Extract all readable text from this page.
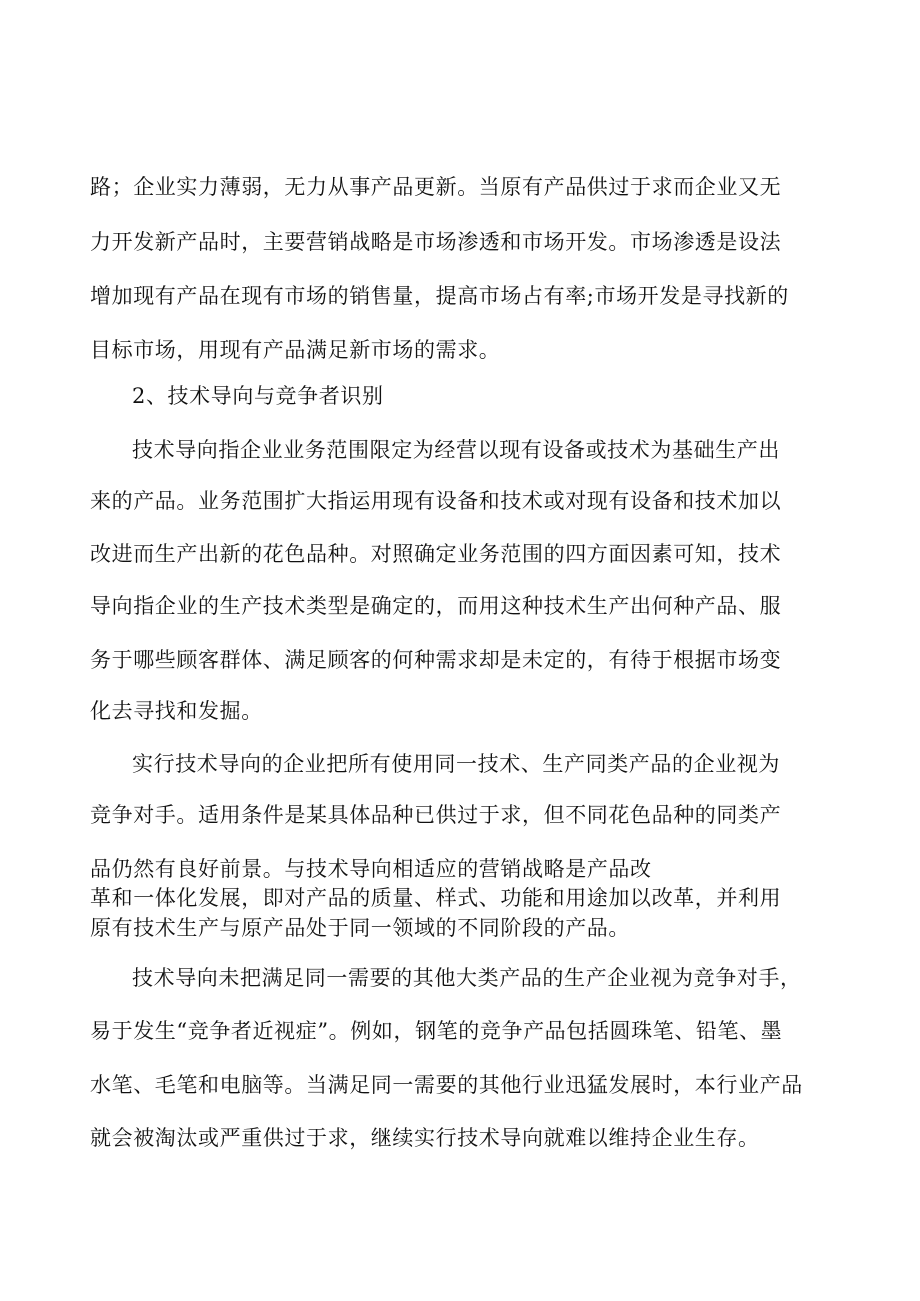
路；企业实力薄弱，无力从事产品更新。当原有产品供过于求而企业又无
力开发新产品时，主要营销战略是市场渗透和市场开发。市场渗透是设法
增加现有产品在现有市场的销售量，提高市场占有率;市场开发是寻找新的
目标市场，用现有产品满足新市场的需求。
2、技术导向与竞争者识别
技术导向指企业业务范围限定为经营以现有设备或技术为基础生产出
来的产品。业务范围扩大指运用现有设备和技术或对现有设备和技术加以
改进而生产出新的花色品种。对照确定业务范围的四方面因素可知，技术
导向指企业的生产技术类型是确定的，而用这种技术生产出何种产品、服
务于哪些顾客群体、满足顾客的何种需求却是未定的，有待于根据市场变
化去寻找和发掘。
实行技术导向的企业把所有使用同一技术、生产同类产品的企业视为
竞争对手。适用条件是某具体品种已供过于求，但不同花色品种的同类产
品仍然有良好前景。与技术导向相适应的营销战略是产品改
革和一体化发展，即对产品的质量、样式、功能和用途加以改革，并利用
原有技术生产与原产品处于同一领域的不同阶段的产品。
技术导向未把满足同一需要的其他大类产品的生产企业视为竞争对手，
易于发生“竞争者近视症”。例如，钢笔的竞争产品包括圆珠笔、铅笔、墨
水笔、毛笔和电脑等。当满足同一需要的其他行业迅猛发展时，本行业产品
就会被淘汰或严重供过于求，继续实行技术导向就难以维持企业生存。
